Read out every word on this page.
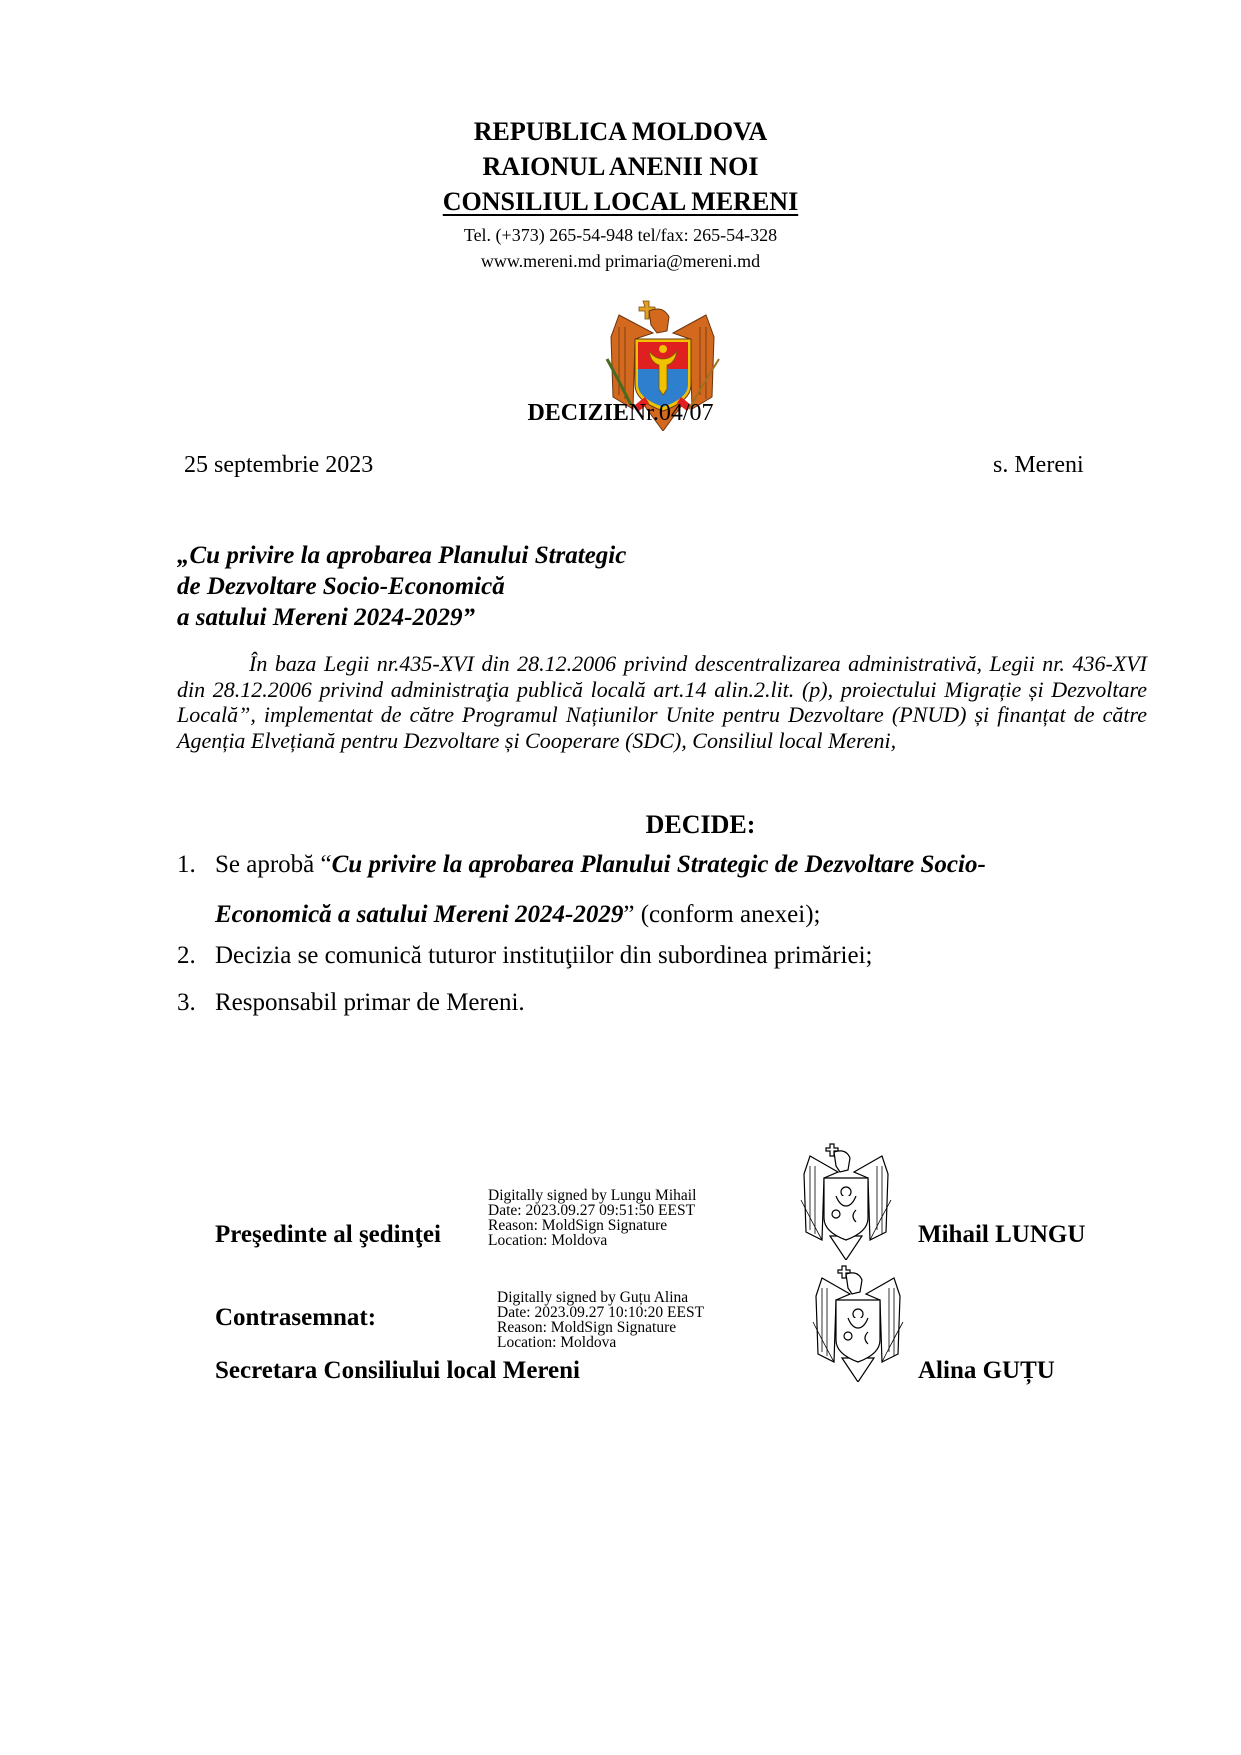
REPUBLICA MOLDOVA
RAIONUL ANENII NOI
CONSILIUL LOCAL MERENI
Tel. (+373) 265-54-948 tel/fax: 265-54-328
www.mereni.md primaria@mereni.md
DECIZIENr.04/07
25 septembrie 2023	s. Mereni
„Cu privire la aprobarea Planului Strategic
de Dezvoltare Socio-Economică
a satului Mereni 2024-2029”
În baza Legii nr.435-XVI din 28.12.2006 privind descentralizarea administrativă, Legii nr. 436-XVI din 28.12.2006 privind administraţia publică locală art.14 alin.2.lit. (p), proiectului Migrație și Dezvoltare Locală”, implementat de către Programul Națiunilor Unite pentru Dezvoltare (PNUD) și finanțat de către Agenția Elvețiană pentru Dezvoltare și Cooperare (SDC), Consiliul local Mereni,
DECIDE:
1. Se aprobă “Cu privire la aprobarea Planului Strategic de Dezvoltare Socio-
Economică a satului Mereni 2024-2029” (conform anexei);
2. Decizia se comunică tuturor instituţiilor din subordinea primăriei;
3. Responsabil primar de Mereni.
Preşedinte al şedinţei
Digitally signed by Lungu Mihail
Date: 2023.09.27 09:51:50 EEST
Reason: MoldSign Signature
Location: Moldova	Mihail LUNGU
Contrasemnat:
Digitally signed by Guțu Alina
Date: 2023.09.27 10:10:20 EEST
Reason: MoldSign Signature
Location: Moldova
Secretara Consiliului local Mereni	Alina GUȚU
